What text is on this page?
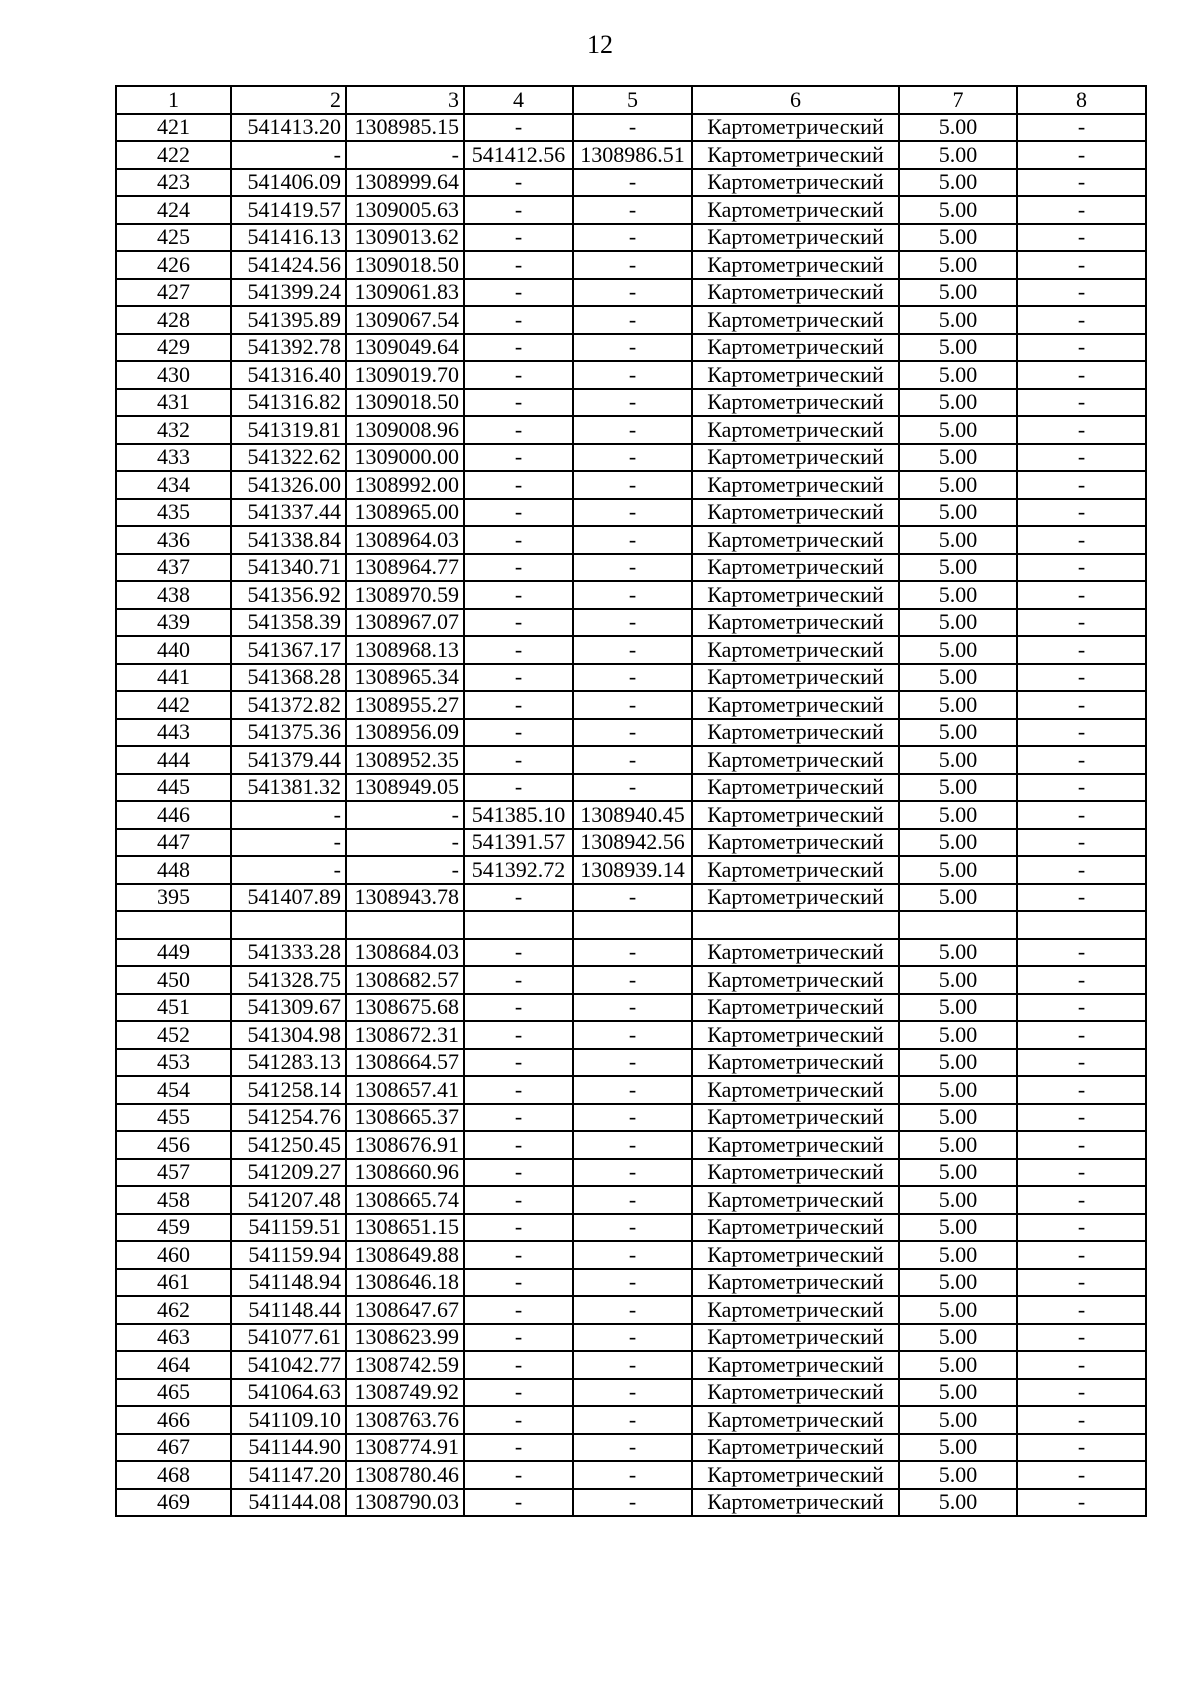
12
1	2	3	4	5	6	7	8
421	541413.20	1308985.15	-	-	Картометрический	5.00	-
422	-	-	541412.56	1308986.51	Картометрический	5.00	-
423	541406.09	1308999.64	-	-	Картометрический	5.00	-
424	541419.57	1309005.63	-	-	Картометрический	5.00	-
425	541416.13	1309013.62	-	-	Картометрический	5.00	-
426	541424.56	1309018.50	-	-	Картометрический	5.00	-
427	541399.24	1309061.83	-	-	Картометрический	5.00	-
428	541395.89	1309067.54	-	-	Картометрический	5.00	-
429	541392.78	1309049.64	-	-	Картометрический	5.00	-
430	541316.40	1309019.70	-	-	Картометрический	5.00	-
431	541316.82	1309018.50	-	-	Картометрический	5.00	-
432	541319.81	1309008.96	-	-	Картометрический	5.00	-
433	541322.62	1309000.00	-	-	Картометрический	5.00	-
434	541326.00	1308992.00	-	-	Картометрический	5.00	-
435	541337.44	1308965.00	-	-	Картометрический	5.00	-
436	541338.84	1308964.03	-	-	Картометрический	5.00	-
437	541340.71	1308964.77	-	-	Картометрический	5.00	-
438	541356.92	1308970.59	-	-	Картометрический	5.00	-
439	541358.39	1308967.07	-	-	Картометрический	5.00	-
440	541367.17	1308968.13	-	-	Картометрический	5.00	-
441	541368.28	1308965.34	-	-	Картометрический	5.00	-
442	541372.82	1308955.27	-	-	Картометрический	5.00	-
443	541375.36	1308956.09	-	-	Картометрический	5.00	-
444	541379.44	1308952.35	-	-	Картометрический	5.00	-
445	541381.32	1308949.05	-	-	Картометрический	5.00	-
446	-	-	541385.10	1308940.45	Картометрический	5.00	-
447	-	-	541391.57	1308942.56	Картометрический	5.00	-
448	-	-	541392.72	1308939.14	Картометрический	5.00	-
395	541407.89	1308943.78	-	-	Картометрический	5.00	-

449	541333.28	1308684.03	-	-	Картометрический	5.00	-
450	541328.75	1308682.57	-	-	Картометрический	5.00	-
451	541309.67	1308675.68	-	-	Картометрический	5.00	-
452	541304.98	1308672.31	-	-	Картометрический	5.00	-
453	541283.13	1308664.57	-	-	Картометрический	5.00	-
454	541258.14	1308657.41	-	-	Картометрический	5.00	-
455	541254.76	1308665.37	-	-	Картометрический	5.00	-
456	541250.45	1308676.91	-	-	Картометрический	5.00	-
457	541209.27	1308660.96	-	-	Картометрический	5.00	-
458	541207.48	1308665.74	-	-	Картометрический	5.00	-
459	541159.51	1308651.15	-	-	Картометрический	5.00	-
460	541159.94	1308649.88	-	-	Картометрический	5.00	-
461	541148.94	1308646.18	-	-	Картометрический	5.00	-
462	541148.44	1308647.67	-	-	Картометрический	5.00	-
463	541077.61	1308623.99	-	-	Картометрический	5.00	-
464	541042.77	1308742.59	-	-	Картометрический	5.00	-
465	541064.63	1308749.92	-	-	Картометрический	5.00	-
466	541109.10	1308763.76	-	-	Картометрический	5.00	-
467	541144.90	1308774.91	-	-	Картометрический	5.00	-
468	541147.20	1308780.46	-	-	Картометрический	5.00	-
469	541144.08	1308790.03	-	-	Картометрический	5.00	-
